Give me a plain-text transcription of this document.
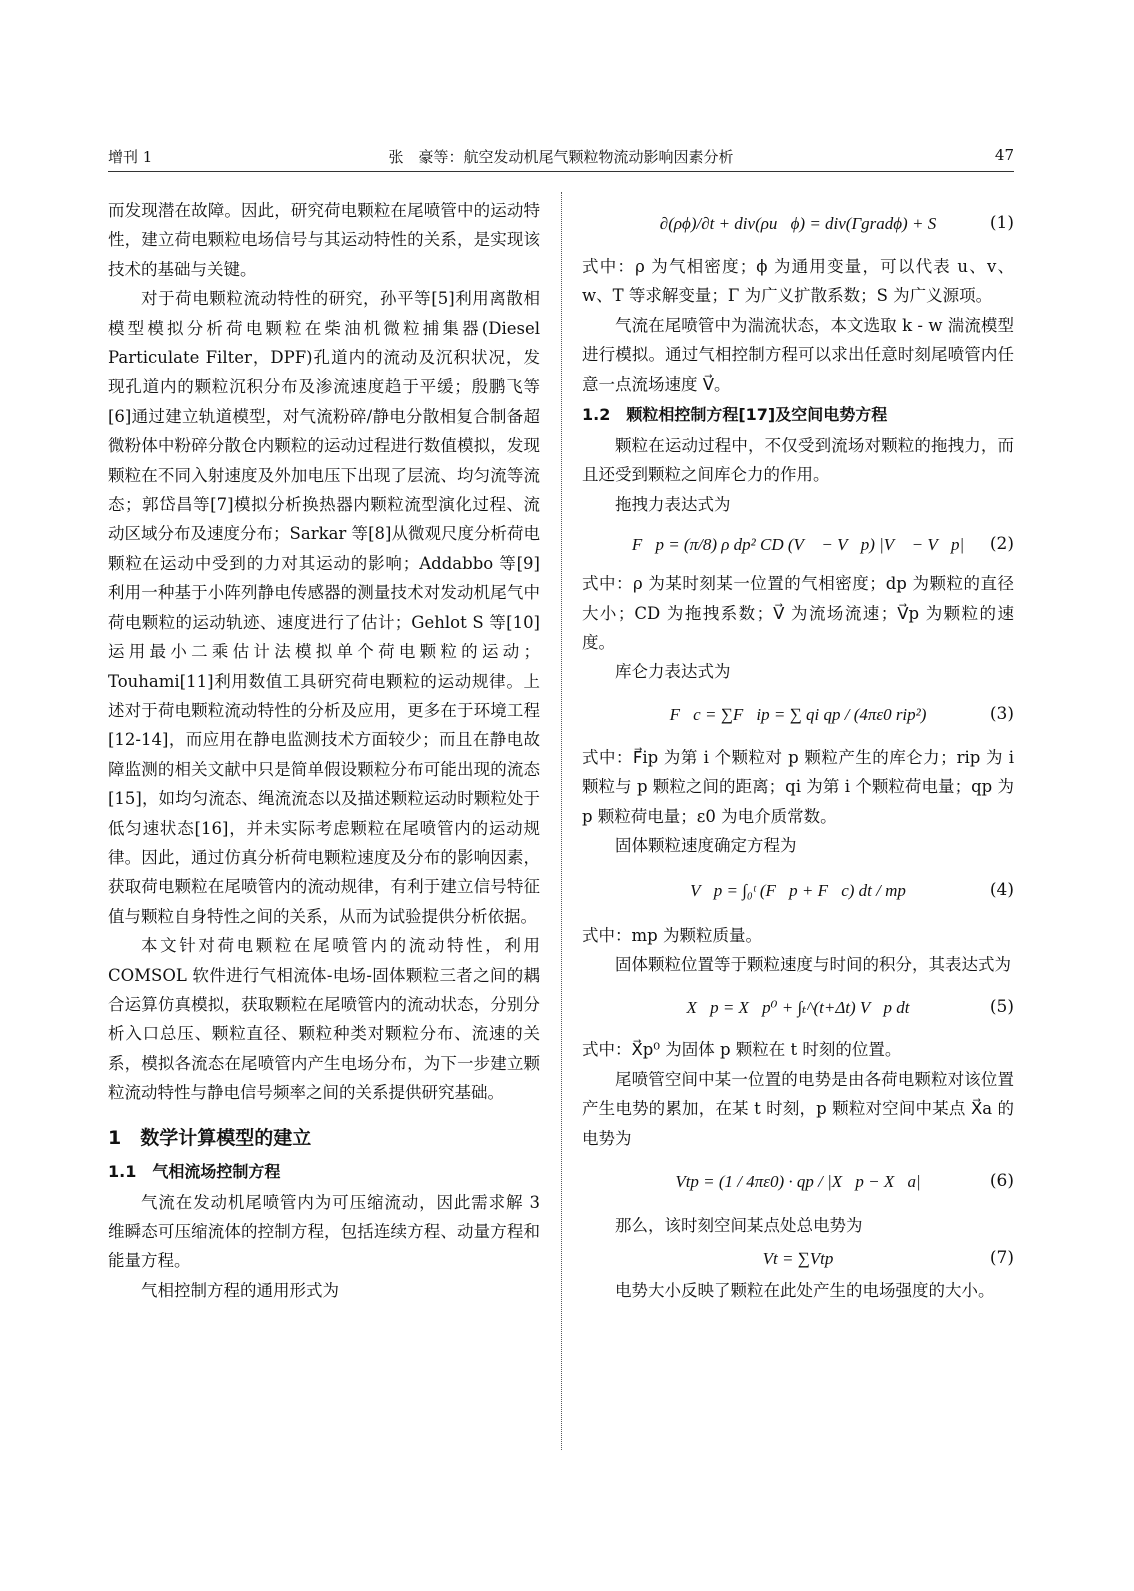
增刊 1	张　豪等：航空发动机尾气颗粒物流动影响因素分析	47

而发现潜在故障。因此，研究荷电颗粒在尾喷管中的运动特性，建立荷电颗粒电场信号与其运动特性的关系，是实现该技术的基础与关键。

对于荷电颗粒流动特性的研究，孙平等[5]利用离散相模型模拟分析荷电颗粒在柴油机微粒捕集器(Diesel Particulate Filter，DPF)孔道内的流动及沉积状况，发现孔道内的颗粒沉积分布及渗流速度趋于平缓；殷鹏飞等[6]通过建立轨道模型，对气流粉碎/静电分散相复合制备超微粉体中粉碎分散仓内颗粒的运动过程进行数值模拟，发现颗粒在不同入射速度及外加电压下出现了层流、均匀流等流态；郭岱昌等[7]模拟分析换热器内颗粒流型演化过程、流动区域分布及速度分布；Sarkar 等[8]从微观尺度分析荷电颗粒在运动中受到的力对其运动的影响；Addabbo 等[9]利用一种基于小阵列静电传感器的测量技术对发动机尾气中荷电颗粒的运动轨迹、速度进行了估计；Gehlot S 等[10]运用最小二乘估计法模拟单个荷电颗粒的运动；Touhami[11]利用数值工具研究荷电颗粒的运动规律。上述对于荷电颗粒流动特性的分析及应用，更多在于环境工程[12-14]，而应用在静电监测技术方面较少；而且在静电故障监测的相关文献中只是简单假设颗粒分布可能出现的流态[15]，如均匀流态、绳流流态以及描述颗粒运动时颗粒处于低匀速状态[16]，并未实际考虑颗粒在尾喷管内的运动规律。因此，通过仿真分析荷电颗粒速度及分布的影响因素，获取荷电颗粒在尾喷管内的流动规律，有利于建立信号特征值与颗粒自身特性之间的关系，从而为试验提供分析依据。

本文针对荷电颗粒在尾喷管内的流动特性，利用COMSOL 软件进行气相流体-电场-固体颗粒三者之间的耦合运算仿真模拟，获取颗粒在尾喷管内的流动状态，分别分析入口总压、颗粒直径、颗粒种类对颗粒分布、流速的关系，模拟各流态在尾喷管内产生电场分布，为下一步建立颗粒流动特性与静电信号频率之间的关系提供研究基础。

1　数学计算模型的建立
1.1　气相流场控制方程

气流在发动机尾喷管内为可压缩流动，因此需求解 3 维瞬态可压缩流体的控制方程，包括连续方程、动量方程和能量方程。

气相控制方程的通用形式为

∂(ρϕ)/∂t + div(ρu⃗ϕ) = div(Γgradϕ) + S	(1)

式中：ρ 为气相密度；ϕ 为通用变量，可以代表 u、v、w、T 等求解变量；Γ 为广义扩散系数；S 为广义源项。

气流在尾喷管中为湍流状态，本文选取 k - w 湍流模型进行模拟。通过气相控制方程可以求出任意时刻尾喷管内任意一点流场速度 V⃗。

1.2　颗粒相控制方程[17]及空间电势方程

颗粒在运动过程中，不仅受到流场对颗粒的拖拽力，而且还受到颗粒之间库仑力的作用。

拖拽力表达式为

F⃗p = (π/8) ρ dp² CD (V⃗ − V⃗p) |V⃗ − V⃗p| (2)

式中：ρ 为某时刻某一位置的气相密度；dp 为颗粒的直径大小；CD 为拖拽系数；V⃗ 为流场流速；V⃗p 为颗粒的速度。

库仑力表达式为

F⃗c = ∑F⃗ip = ∑ qi qp / (4πε0 rip²)	(3)

式中：F⃗ip 为第 i 个颗粒对 p 颗粒产生的库仑力；rip 为 i 颗粒与 p 颗粒之间的距离；qi 为第 i 个颗粒荷电量；qp 为 p 颗粒荷电量；ε0 为电介质常数。

固体颗粒速度确定方程为

V⃗p = ∫₀ᵗ (F⃗p + F⃗c) dt / mp	(4)

式中：mp 为颗粒质量。

固体颗粒位置等于颗粒速度与时间的积分，其表达式为

X⃗p = X⃗p⁰ + ∫ₜ^(t+Δt) V⃗p dt	(5)

式中：X⃗p⁰ 为固体 p 颗粒在 t 时刻的位置。

尾喷管空间中某一位置的电势是由各荷电颗粒对该位置产生电势的累加，在某 t 时刻，p 颗粒对空间中某点 X⃗a 的电势为

Vtp = (1 / 4πε0) · qp / |X⃗p − X⃗a|	(6)

那么，该时刻空间某点处总电势为

Vt = ∑Vtp	(7)

电势大小反映了颗粒在此处产生的电场强度的大小。
